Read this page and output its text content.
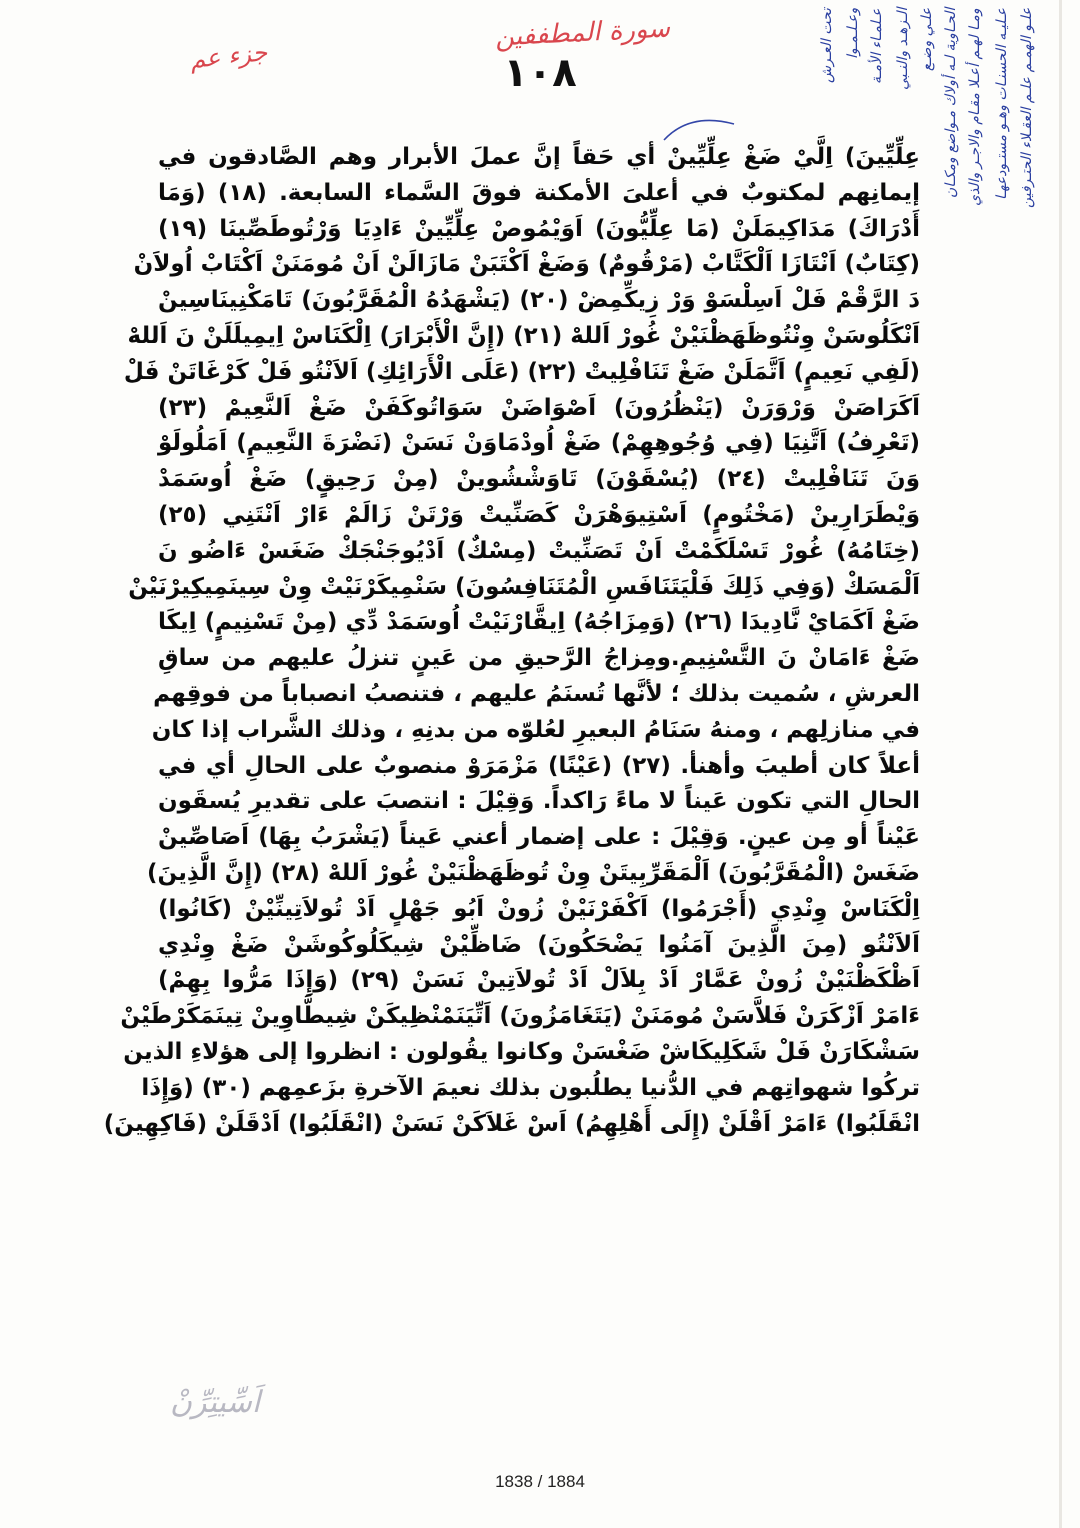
جزء عم
سورة المطففين
١٠٨	علـو الهمـم علـم العقـلاء الحتـرفين
عـليـه الحسنـات وهـو مستـودعهـا
ومـا لهـم أعـلا مقـام والاجـر والذي
الحـاوية لـه أولاك مـواضع ومكـان
علـي وضـع
الـزهـد والنـبي
عـلمـاء الأمـة
وعـلـمـوا
تحت العـرش
عِلِّيِّينَ) اِلَّيْ ضَغْ عِلِّيِّينْ أي حَقاً إنَّ عملَ الأبرار وهم الصَّادقون في
إيمانِهم لمكتوبٌ في أعلىَ الأمكنة فوقَ السَّماء السابعة. (١٨) (وَمَا
أَدْرَاكَ) مَدَاكِيمَلَنْ (مَا عِلِّيُّونَ) اَوَيْمُوصْ عِلِّيِّينْ ءَادِيَا وَرْتُوطَصِّينَا (١٩)
(كِتَابٌ) اَنْتَازَا اَلْكَتَّابْ (مَرْقُومٌ) وَضَغْ اَكْتَبَنْ مَازَالَنْ اَنْ مُومَنَنْ اَكْتَابْ اُولاَنْ
دَ الرَّقْمْ فَلْ اَسِلْسَوْ وَرْ زِيكِّمِضْ (٢٠) (يَشْهَدُهُ الْمُقَرَّبُونَ) تَامَكْنِينَاسِينْ
اَنْكَلُوسَنْ وِنْتُوظَهَظْنَيْنْ غُورْ اَللهْ (٢١) (إِنَّ الْأَبْرَارَ) اِلْكَنَاسْ اِيمِيلَلَنْ نَ اَللهْ
(لَفِي نَعِيمٍ) اَتَّمَلَنْ ضَغْ تَنَافْلِيتْ (٢٢) (عَلَى الْأَرَائِكِ) اَلاَنْتُو فَلْ كَرْغَاتَنْ فَلْ
اَكَرَاصَنْ وَرْوَرَنْ (يَنْظُرُونَ) اَصْوَاضَنْ سَوَاتُوكَفَنْ ضَغْ اَلنَّعِيمْ (٢٣)
(تَعْرِفُ) اَتَّنِيَا (فِي وُجُوهِهِمْ) ضَغْ اُودْمَاوَنْ نَسَنْ (نَضْرَةَ النَّعِيمِ) اَمَلُولَوْ
وَنَ تَنَافْلِيتْ (٢٤) (يُسْقَوْنَ) تَاوَشْشُوينْ (مِنْ رَحِيقٍ) ضَغْ اُوسَمَدْ
وَيْطَرَارِينْ (مَخْتُومٍ) اَسْتِيوَهْرَنْ كَصَنِّيتْ وَرْتَنْ زَالَمْ ءَارْ اَنْتَنِي (٢٥)
(خِتَامُهُ) غُورْ تَسْلَكَمْتْ اَنْ تَصَنِّيتْ (مِسْكٌ) اَدْيُوجَنْجَكْ ضَغَسْ ءَاضُو نَ
اَلْمَسَكْ (وَفِي ذَلِكَ فَلْيَتَنَافَسِ الْمُتَنَافِسُونَ) سَنْمِيكَرْنَيْتْ وِنْ سِينَمِيكِيرْنَيْنْ
ضَغْ اَكَمَايْ نَّادِيدَا (٢٦) (وَمِزَاجُهُ) اِيقَّارْنَيْتْ اُوسَمَدْ دِّي (مِنْ تَسْنِيمٍ) اِيكَا
ضَغْ ءَامَانْ نَ التَّسْنِيمِ.ومِزاجُ الرَّحيقِ من عَينٍ تنزلُ عليهم من ساقِ
العرشِ ، سُميت بذلك ؛ لأنَّها تُسنَمُ عليهم ، فتنصبُ انصباباً من فوقِهم
في منازلِهم ، ومنهُ سَنَامُ البعيرِ لعُلوّه من بدنِهِ ، وذلك الشَّراب إذا كان
أعلاً كان أطيبَ وأهنأ. (٢٧) (عَيْنًا) مَزْمَرَوْ منصوبٌ على الحالِ أي في
الحالِ التي تكون عَيناً لا ماءً رَاكداً. وَقِيْلَ : انتصبَ على تقديرِ يُسقَون
عَيْناً أو مِن عينٍ. وَقِيْلَ : على إضمار أعني عَيناً (يَشْرَبُ بِهَا) اَصَاصِّينْ
ضَغَسْ (الْمُقَرَّبُونَ) اَلْمَقَرِّبِيتَنْ وِنْ تُوظَهَظْنَيْنْ غُورْ اَللهْ (٢٨) (إِنَّ الَّذِينَ)
اِلْكَنَاسْ وِنْدِي (أَجْرَمُوا) اَكْفَرْنَيْنْ زُونْ اَبُو جَهْلٍ اَدْ تُولاَتِينِّيْنْ (كَانُوا)
اَلاَنْتُو (مِنَ الَّذِينَ آمَنُوا يَضْحَكُونَ) ضَاظِّيْنْ شِيكَلُوكُوشَنْ ضَغْ وِنْدِي
اَظْكَظْنَيْنْ زُونْ عَمَّارْ اَدْ بِلاَلْ اَدْ تُولاَتِينْ نَسَنْ (٢٩) (وَإِذَا مَرُّوا بِهِمْ)
ءَامَرْ اَزْكَرَنْ فَلاَّسَنْ مُومَنَنْ (يَتَغَامَزُونَ) اَتِّيَنَمْنْظِيكَنْ شِيطَّاوِينْ تِينَمَكَرْطَيْنْ
سَشْكَارَنْ فَلْ شَكَلِيكَاشْ ضَغْسَنْ وكانوا يقُولون : انظروا إلى هؤلاءِ الذين
تركُوا شهواتِهم في الدُّنيا يطلُبون بذلك نعيمَ الآخرةِ بزَعمِهم (٣٠) (وَإِذَا
انْقَلَبُوا) ءَامَرْ اَقْلَنْ (إِلَى أَهْلِهِمُ) اَسْ غَلاَكَنْ نَسَنْ (انْقَلَبُوا) اَدْقَلَنْ (فَاكِهِينَ)
اَسِّيتِرِّنْ
1838 / 1884
